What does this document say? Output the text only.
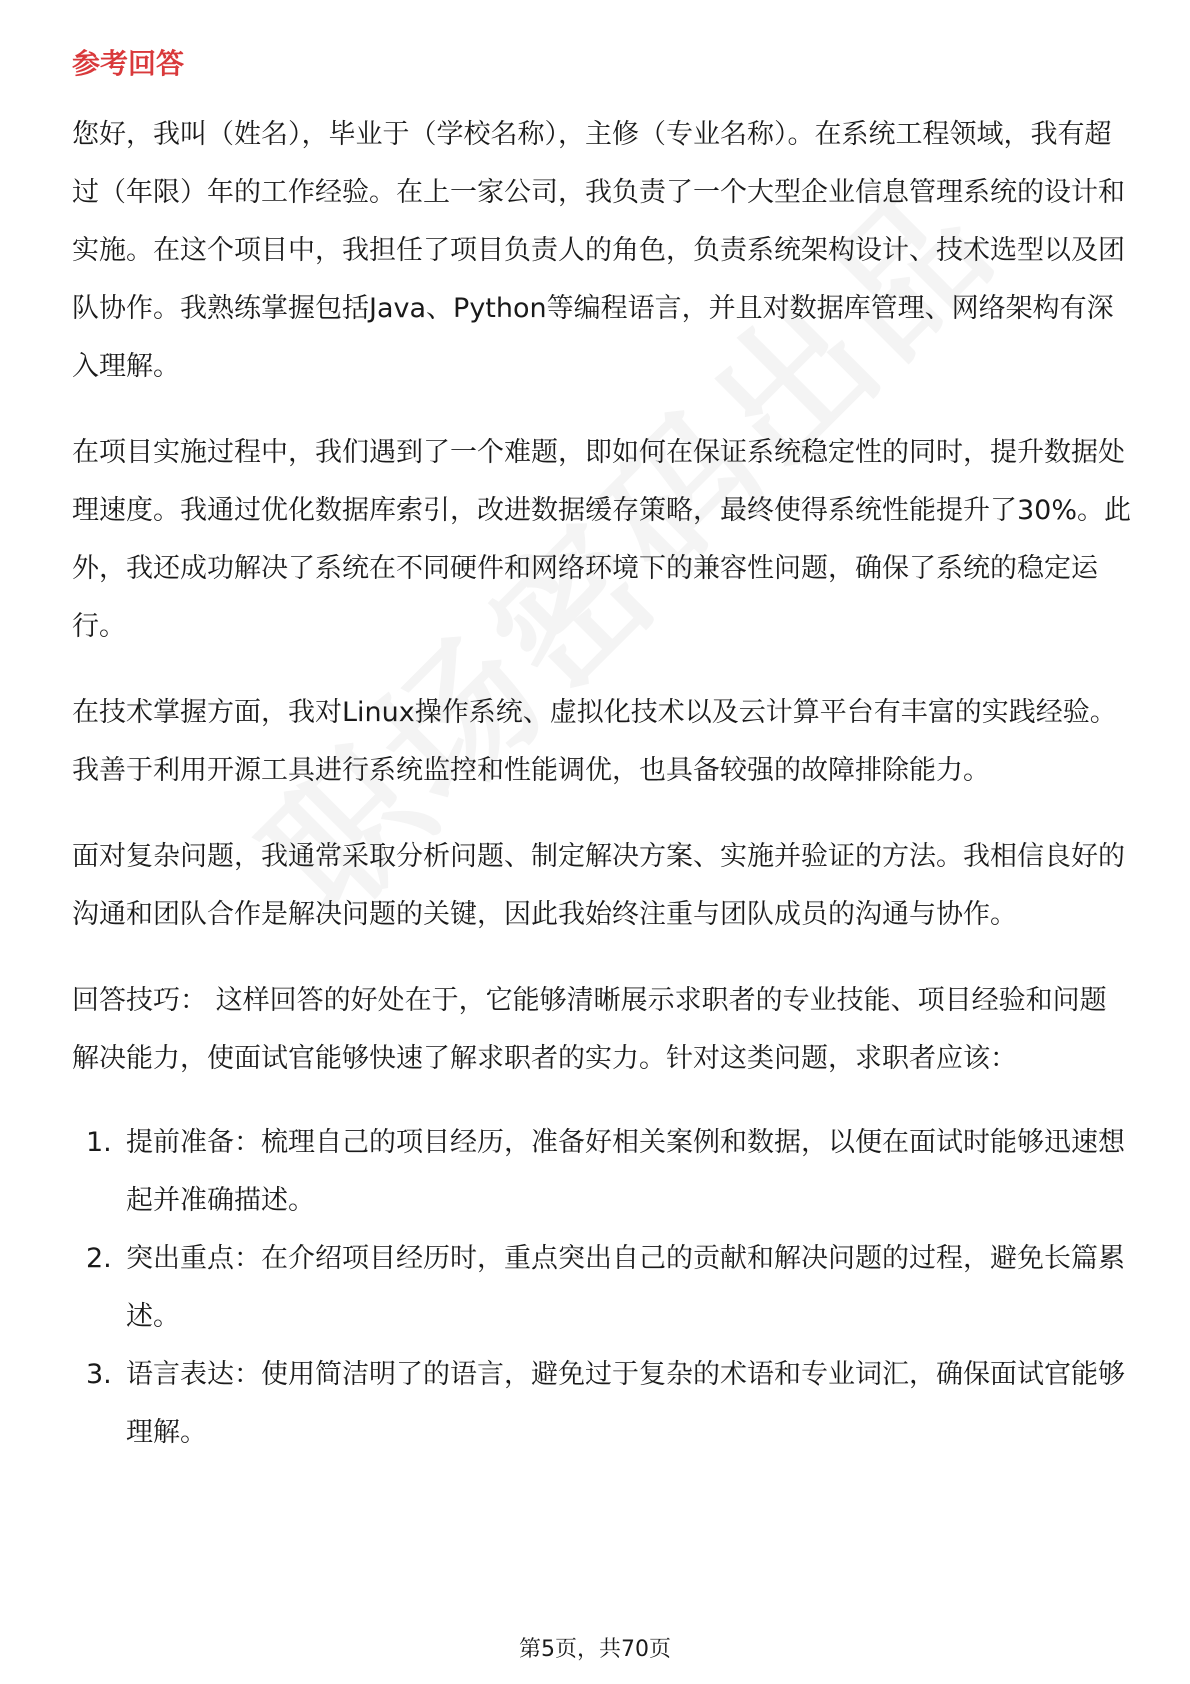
参考回答

您好，我叫（姓名），毕业于（学校名称），主修（专业名称）。在系统工程领域，我有超过（年限）年的工作经验。在上一家公司，我负责了一个大型企业信息管理系统的设计和实施。在这个项目中，我担任了项目负责人的角色，负责系统架构设计、技术选型以及团队协作。我熟练掌握包括Java、Python等编程语言，并且对数据库管理、网络架构有深入理解。

在项目实施过程中，我们遇到了一个难题，即如何在保证系统稳定性的同时，提升数据处理速度。我通过优化数据库索引，改进数据缓存策略，最终使得系统性能提升了30%。此外，我还成功解决了系统在不同硬件和网络环境下的兼容性问题，确保了系统的稳定运行。

在技术掌握方面，我对Linux操作系统、虚拟化技术以及云计算平台有丰富的实践经验。我善于利用开源工具进行系统监控和性能调优，也具备较强的故障排除能力。

面对复杂问题，我通常采取分析问题、制定解决方案、实施并验证的方法。我相信良好的沟通和团队合作是解决问题的关键，因此我始终注重与团队成员的沟通与协作。

回答技巧： 这样回答的好处在于，它能够清晰展示求职者的专业技能、项目经验和问题解决能力，使面试官能够快速了解求职者的实力。针对这类问题，求职者应该：

1. 提前准备：梳理自己的项目经历，准备好相关案例和数据，以便在面试时能够迅速想起并准确描述。
2. 突出重点：在介绍项目经历时，重点突出自己的贡献和解决问题的过程，避免长篇累述。
3. 语言表达：使用简洁明了的语言，避免过于复杂的术语和专业词汇，确保面试官能够理解。
第5页，共70页
